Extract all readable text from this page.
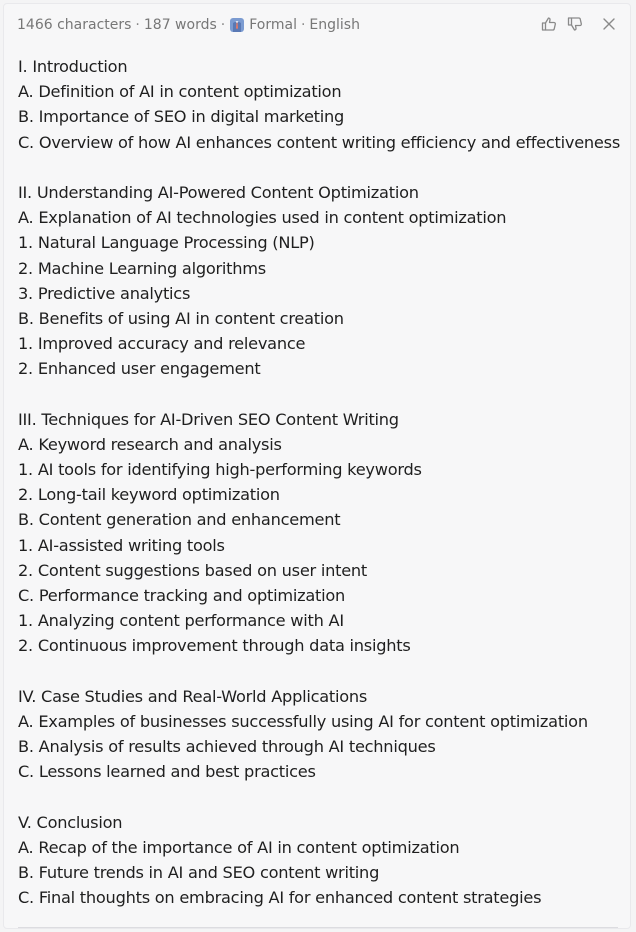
1466 characters · 187 words · Formal · English
I. Introduction
A. Definition of AI in content optimization
B. Importance of SEO in digital marketing
C. Overview of how AI enhances content writing efficiency and effectiveness
II. Understanding AI-Powered Content Optimization
A. Explanation of AI technologies used in content optimization
1. Natural Language Processing (NLP)
2. Machine Learning algorithms
3. Predictive analytics
B. Benefits of using AI in content creation
1. Improved accuracy and relevance
2. Enhanced user engagement
III. Techniques for AI-Driven SEO Content Writing
A. Keyword research and analysis
1. AI tools for identifying high-performing keywords
2. Long-tail keyword optimization
B. Content generation and enhancement
1. AI-assisted writing tools
2. Content suggestions based on user intent
C. Performance tracking and optimization
1. Analyzing content performance with AI
2. Continuous improvement through data insights
IV. Case Studies and Real-World Applications
A. Examples of businesses successfully using AI for content optimization
B. Analysis of results achieved through AI techniques
C. Lessons learned and best practices
V. Conclusion
A. Recap of the importance of AI in content optimization
B. Future trends in AI and SEO content writing
C. Final thoughts on embracing AI for enhanced content strategies
